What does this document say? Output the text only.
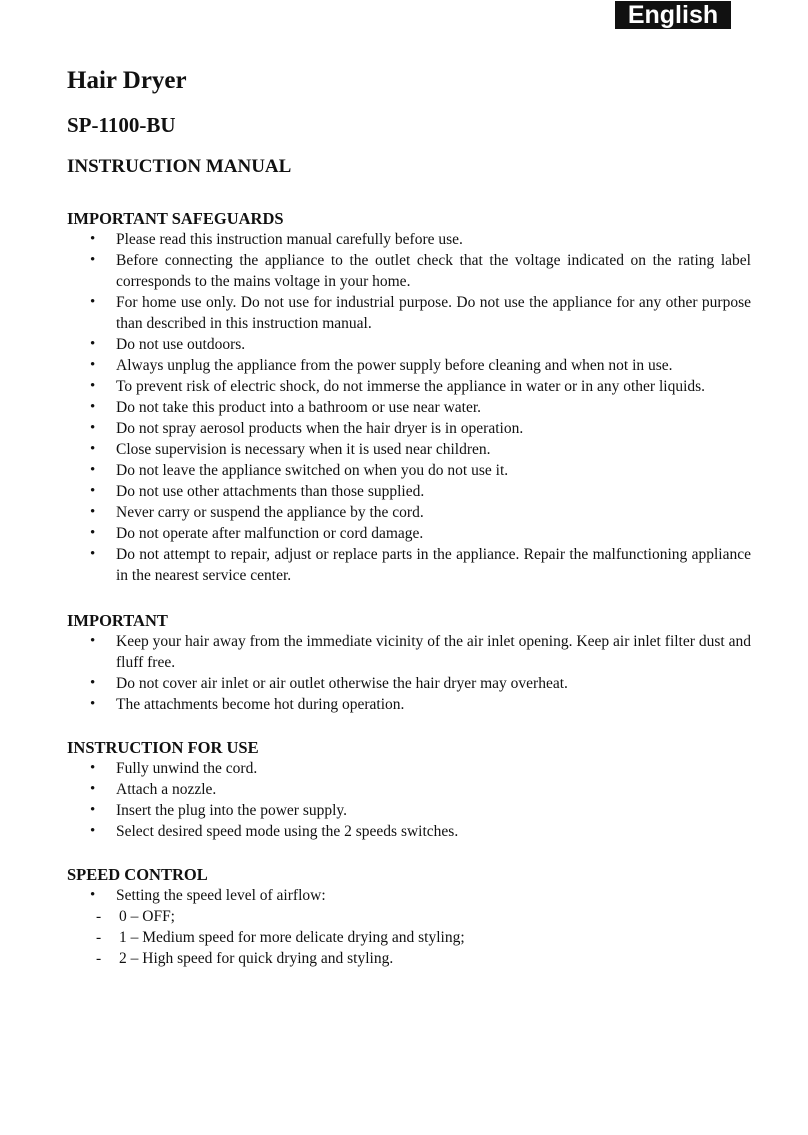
English
Hair Dryer
SP-1100-BU
INSTRUCTION MANUAL
IMPORTANT SAFEGUARDS
• Please read this instruction manual carefully before use.
• Before connecting the appliance to the outlet check that the voltage indicated on the rating label corresponds to the mains voltage in your home.
• For home use only. Do not use for industrial purpose. Do not use the appliance for any other purpose than described in this instruction manual.
• Do not use outdoors.
• Always unplug the appliance from the power supply before cleaning and when not in use.
• To prevent risk of electric shock, do not immerse the appliance in water or in any other liquids.
• Do not take this product into a bathroom or use near water.
• Do not spray aerosol products when the hair dryer is in operation.
• Close supervision is necessary when it is used near children.
• Do not leave the appliance switched on when you do not use it.
• Do not use other attachments than those supplied.
• Never carry or suspend the appliance by the cord.
• Do not operate after malfunction or cord damage.
• Do not attempt to repair, adjust or replace parts in the appliance. Repair the malfunctioning appliance in the nearest service center.
IMPORTANT
• Keep your hair away from the immediate vicinity of the air inlet opening. Keep air inlet filter dust and fluff free.
• Do not cover air inlet or air outlet otherwise the hair dryer may overheat.
• The attachments become hot during operation.
INSTRUCTION FOR USE
• Fully unwind the cord.
• Attach a nozzle.
• Insert the plug into the power supply.
• Select desired speed mode using the 2 speeds switches.
SPEED CONTROL
• Setting the speed level of airflow:
- 0 – OFF;
- 1 – Medium speed for more delicate drying and styling;
- 2 – High speed for quick drying and styling.
